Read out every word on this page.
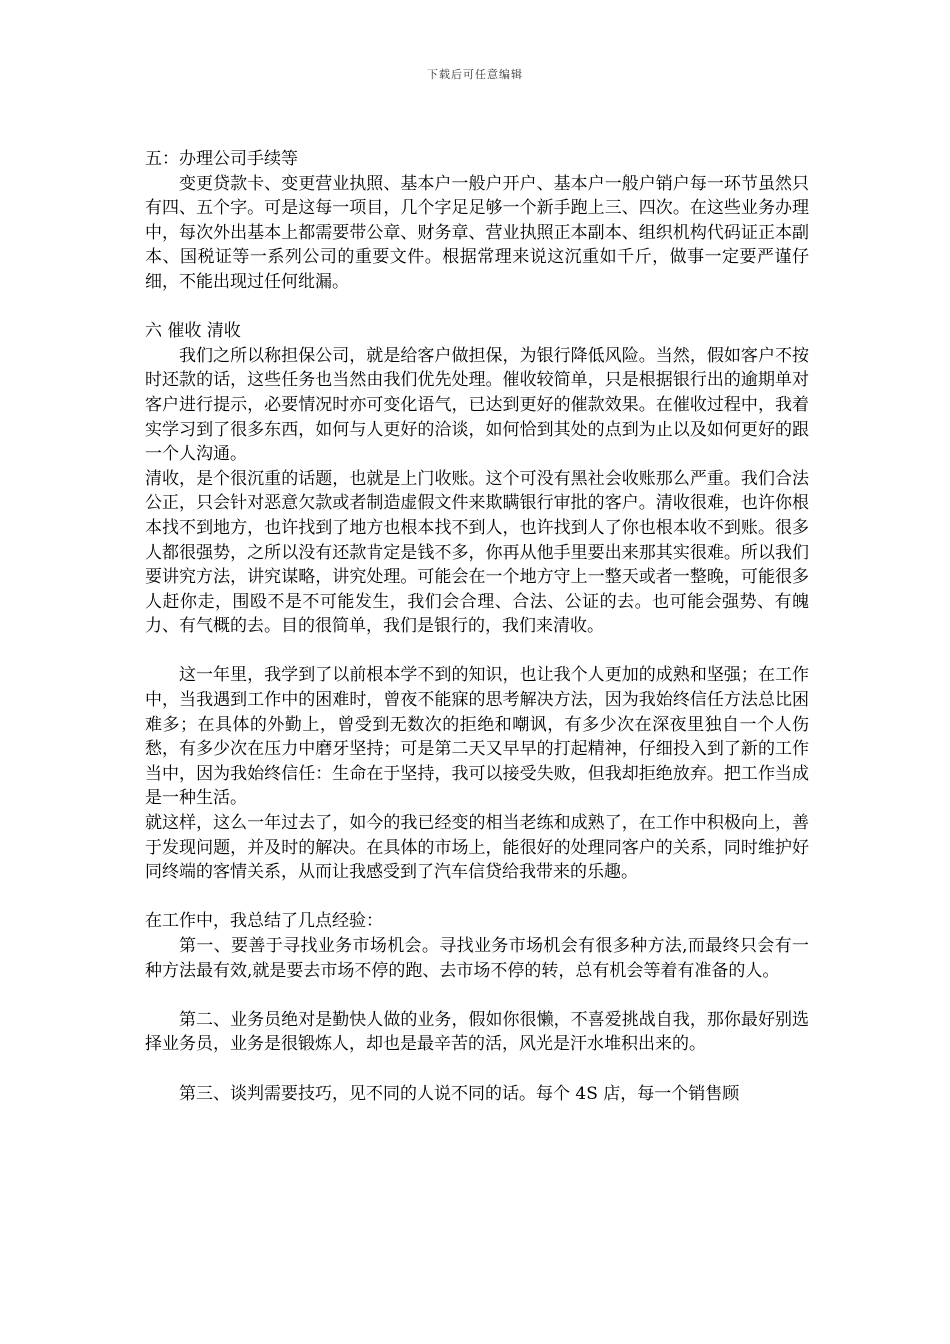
下载后可任意编辑

五：办理公司手续等

变更贷款卡、变更营业执照、基本户一般户开户、基本户一般户销户每一环节虽然只有四、五个字。可是这每一项目，几个字足足够一个新手跑上三、四次。在这些业务办理中，每次外出基本上都需要带公章、财务章、营业执照正本副本、组织机构代码证正本副本、国税证等一系列公司的重要文件。根据常理来说这沉重如千斤，做事一定要严谨仔细，不能出现过任何纰漏。

六 催收 清收

我们之所以称担保公司，就是给客户做担保，为银行降低风险。当然，假如客户不按时还款的话，这些任务也当然由我们优先处理。催收较简单，只是根据银行出的逾期单对客户进行提示，必要情况时亦可变化语气，已达到更好的催款效果。在催收过程中，我着实学习到了很多东西，如何与人更好的洽谈，如何恰到其处的点到为止以及如何更好的跟一个人沟通。

清收，是个很沉重的话题，也就是上门收账。这个可没有黑社会收账那么严重。我们合法公正，只会针对恶意欠款或者制造虚假文件来欺瞒银行审批的客户。清收很难，也许你根本找不到地方，也许找到了地方也根本找不到人，也许找到人了你也根本收不到账。很多人都很强势，之所以没有还款肯定是钱不多，你再从他手里要出来那其实很难。所以我们要讲究方法，讲究谋略，讲究处理。可能会在一个地方守上一整天或者一整晚，可能很多人赶你走，围殴不是不可能发生，我们会合理、合法、公证的去。也可能会强势、有魄力、有气概的去。目的很简单，我们是银行的，我们来清收。

这一年里，我学到了以前根本学不到的知识，也让我个人更加的成熟和坚强；在工作中，当我遇到工作中的困难时，曾夜不能寐的思考解决方法，因为我始终信任方法总比困难多；在具体的外勤上，曾受到无数次的拒绝和嘲讽，有多少次在深夜里独自一个人伤愁，有多少次在压力中磨牙坚持；可是第二天又早早的打起精神，仔细投入到了新的工作当中，因为我始终信任：生命在于坚持，我可以接受失败，但我却拒绝放弃。把工作当成是一种生活。

就这样，这么一年过去了，如今的我已经变的相当老练和成熟了，在工作中积极向上，善于发现问题，并及时的解决。在具体的市场上，能很好的处理同客户的关系，同时维护好同终端的客情关系，从而让我感受到了汽车信贷给我带来的乐趣。

在工作中，我总结了几点经验：

第一、要善于寻找业务市场机会。寻找业务市场机会有很多种方法,而最终只会有一种方法最有效,就是要去市场不停的跑、去市场不停的转，总有机会等着有准备的人。

第二、业务员绝对是勤快人做的业务，假如你很懒，不喜爱挑战自我，那你最好别选择业务员，业务是很锻炼人，却也是最辛苦的活，风光是汗水堆积出来的。

第三、谈判需要技巧，见不同的人说不同的话。每个 4S 店，每一个销售顾
